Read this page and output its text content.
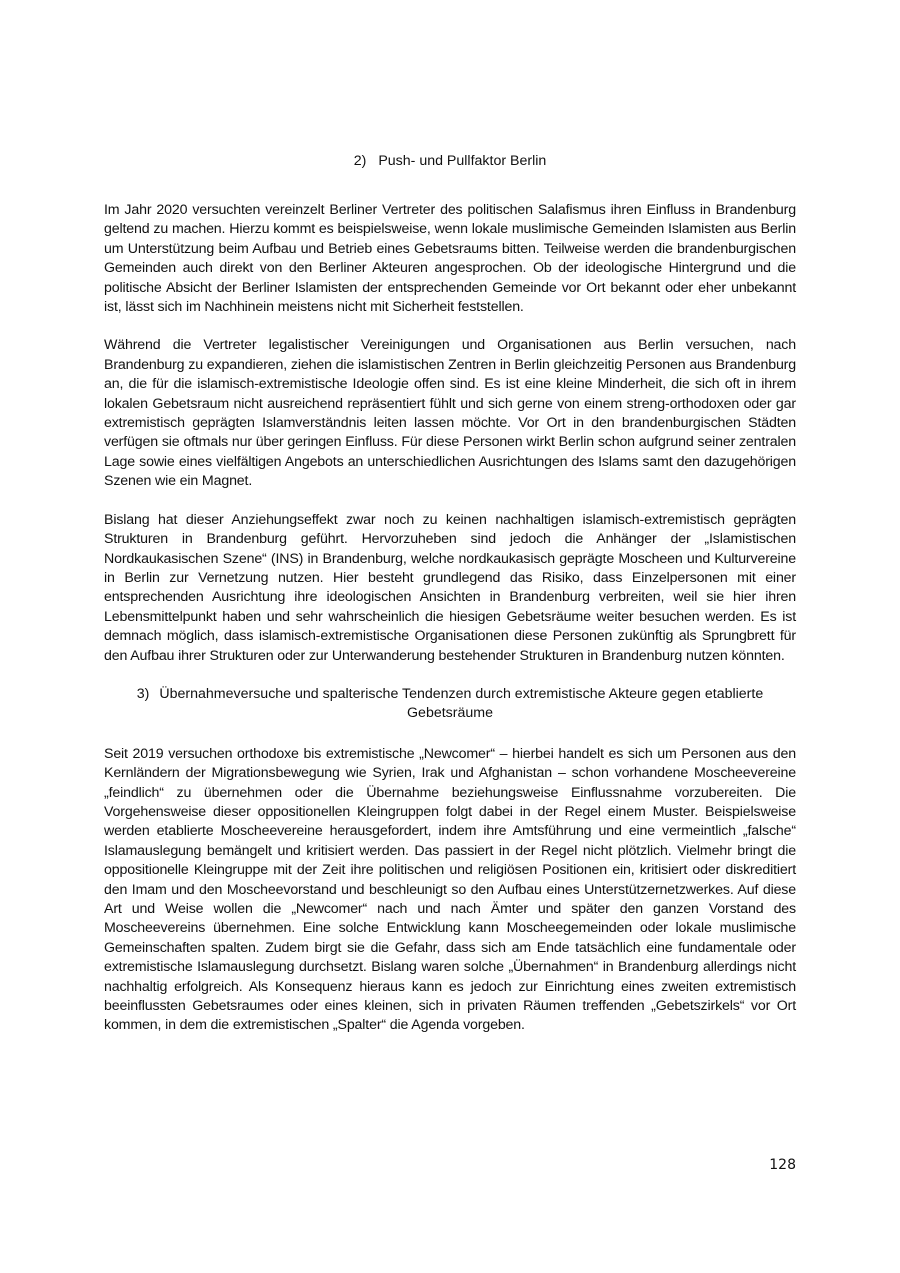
2) Push- und Pullfaktor Berlin

Im Jahr 2020 versuchten vereinzelt Berliner Vertreter des politischen Salafismus ihren Einfluss in Brandenburg geltend zu machen. Hierzu kommt es beispielsweise, wenn lokale muslimische Gemeinden Islamisten aus Berlin um Unterstützung beim Aufbau und Betrieb eines Gebetsraums bitten. Teilweise werden die brandenburgischen Gemeinden auch direkt von den Berliner Akteuren angesprochen. Ob der ideologische Hintergrund und die politische Absicht der Berliner Islamisten der entsprechenden Gemeinde vor Ort bekannt oder eher unbekannt ist, lässt sich im Nachhinein meistens nicht mit Sicherheit feststellen.

Während die Vertreter legalistischer Vereinigungen und Organisationen aus Berlin versuchen, nach Brandenburg zu expandieren, ziehen die islamistischen Zentren in Berlin gleichzeitig Personen aus Brandenburg an, die für die islamisch-extremistische Ideologie offen sind. Es ist eine kleine Minderheit, die sich oft in ihrem lokalen Gebetsraum nicht ausreichend repräsentiert fühlt und sich gerne von einem streng-orthodoxen oder gar extremistisch geprägten Islamverständnis leiten lassen möchte. Vor Ort in den brandenburgischen Städten verfügen sie oftmals nur über geringen Einfluss. Für diese Personen wirkt Berlin schon aufgrund seiner zentralen Lage sowie eines vielfältigen Angebots an unterschiedlichen Ausrichtungen des Islams samt den dazugehörigen Szenen wie ein Magnet.

Bislang hat dieser Anziehungseffekt zwar noch zu keinen nachhaltigen islamisch-extremistisch geprägten Strukturen in Brandenburg geführt. Hervorzuheben sind jedoch die Anhänger der „Islamistischen Nordkaukasischen Szene“ (INS) in Brandenburg, welche nordkaukasisch geprägte Moscheen und Kulturvereine in Berlin zur Vernetzung nutzen. Hier besteht grundlegend das Risiko, dass Einzelpersonen mit einer entsprechenden Ausrichtung ihre ideologischen Ansichten in Brandenburg verbreiten, weil sie hier ihren Lebensmittelpunkt haben und sehr wahrscheinlich die hiesigen Gebetsräume weiter besuchen werden. Es ist demnach möglich, dass islamisch-extremistische Organisationen diese Personen zukünftig als Sprungbrett für den Aufbau ihrer Strukturen oder zur Unterwanderung bestehender Strukturen in Brandenburg nutzen könnten.

3) Übernahmeversuche und spalterische Tendenzen durch extremistische Akteure gegen etablierte Gebetsräume

Seit 2019 versuchen orthodoxe bis extremistische „Newcomer“ – hierbei handelt es sich um Personen aus den Kernländern der Migrationsbewegung wie Syrien, Irak und Afghanistan – schon vorhandene Moscheevereine „feindlich“ zu übernehmen oder die Übernahme beziehungsweise Einflussnahme vorzubereiten. Die Vorgehensweise dieser oppositionellen Kleingruppen folgt dabei in der Regel einem Muster. Beispielsweise werden etablierte Moscheevereine herausgefordert, indem ihre Amtsführung und eine vermeintlich „falsche“ Islamauslegung bemängelt und kritisiert werden. Das passiert in der Regel nicht plötzlich. Vielmehr bringt die oppositionelle Kleingruppe mit der Zeit ihre politischen und religiösen Positionen ein, kritisiert oder diskreditiert den Imam und den Moscheevorstand und beschleunigt so den Aufbau eines Unterstützernetzwerkes. Auf diese Art und Weise wollen die „Newcomer“ nach und nach Ämter und später den ganzen Vorstand des Moscheevereins übernehmen. Eine solche Entwicklung kann Moscheegemeinden oder lokale muslimische Gemeinschaften spalten. Zudem birgt sie die Gefahr, dass sich am Ende tatsächlich eine fundamentale oder extremistische Islamauslegung durchsetzt. Bislang waren solche „Übernahmen“ in Brandenburg allerdings nicht nachhaltig erfolgreich. Als Konsequenz hieraus kann es jedoch zur Einrichtung eines zweiten extremistisch beeinflussten Gebetsraumes oder eines kleinen, sich in privaten Räumen treffenden „Gebetszirkels“ vor Ort kommen, in dem die extremistischen „Spalter“ die Agenda vorgeben.

128
